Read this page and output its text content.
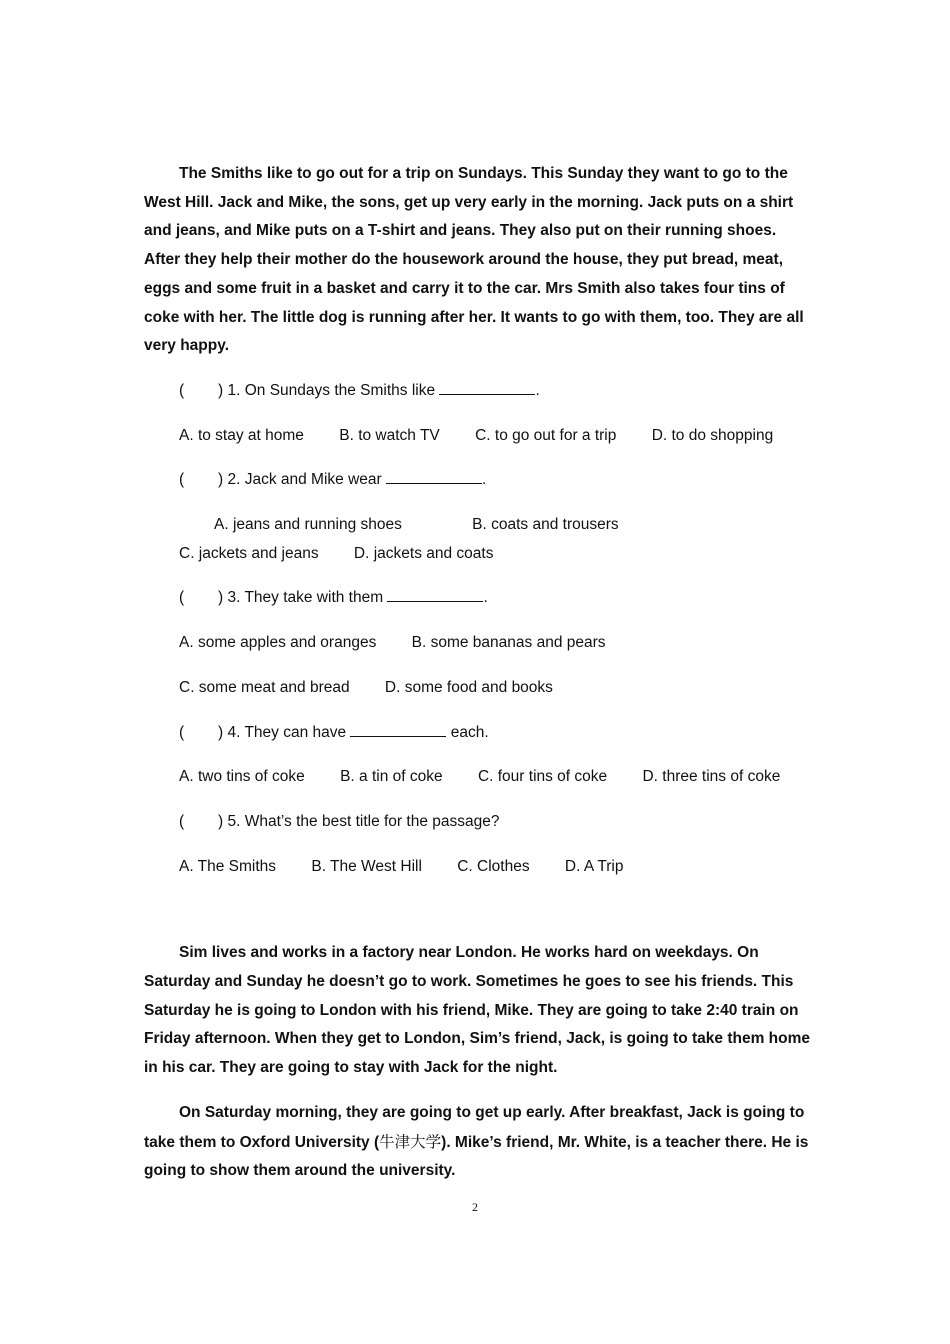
The Smiths like to go out for a trip on Sundays. This Sunday they want to go to the West Hill. Jack and Mike, the sons, get up very early in the morning. Jack puts on a shirt and jeans, and Mike puts on a T-shirt and jeans. They also put on their running shoes. After they help their mother do the housework around the house, they put bread, meat, eggs and some fruit in a basket and carry it to the car. Mrs Smith also takes four tins of coke with her. The little dog is running after her. It wants to go with them, too. They are all very happy.

( ) 1. On Sundays the Smiths like	.

A. to stay at home B. to watch TV C. to go out for a trip D. to do shopping

( ) 2. Jack and Mike wear	.

A. jeans and running shoes	B. coats and trousers C. jackets and jeans D. jackets and coats

( ) 3. They take with them	.

A. some apples and oranges B. some bananas and pears

C. some meat and bread D. some food and books

( ) 4. They can have	each.

A. two tins of coke B. a tin of coke C. four tins of coke D. three tins of coke

( ) 5. What’s the best title for the passage?

A. The Smiths B. The West Hill C. Clothes D. A Trip

Sim lives and works in a factory near London. He works hard on weekdays. On Saturday and Sunday he doesn’t go to work. Sometimes he goes to see his friends. This Saturday he is going to London with his friend, Mike. They are going to take 2:40 train on Friday afternoon. When they get to London, Sim’s friend, Jack, is going to take them home in his car. They are going to stay with Jack for the night.

On Saturday morning, they are going to get up early. After breakfast, Jack is going to take them to Oxford University (牛津大学). Mike’s friend, Mr. White, is a teacher there. He is going to show them around the university.

2
